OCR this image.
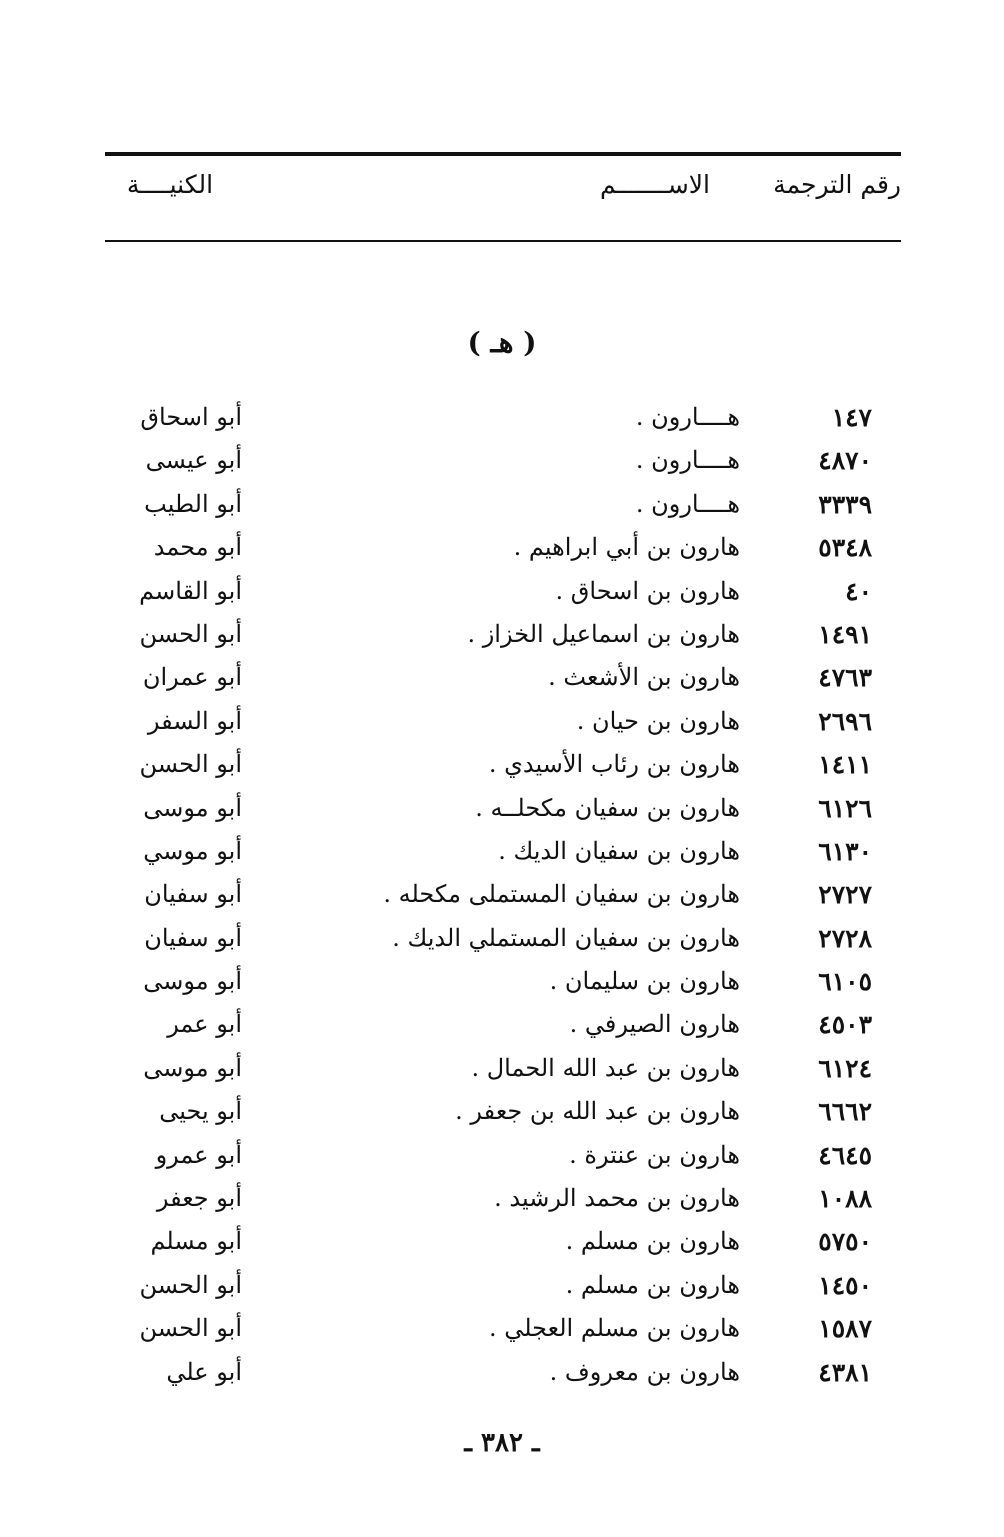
رقم الترجمة
الاســـــــم
الكنيــــة
( هـ )
١٤٧
هــــارون .
أبو اسحاق
٤٨٧٠
هــــارون .
أبو عيسى
٣٣٣٩
هــــارون .
أبو الطيب
٥٣٤٨
هارون بن أبي ابراهيم .
أبو محمد
٤٠
هارون بن اسحاق .
أبو القاسم
١٤٩١
هارون بن اسماعيل الخزاز .
أبو الحسن
٤٧٦٣
هارون بن الأشعث .
أبو عمران
٢٦٩٦
هارون بن حيان .
أبو السفر
١٤١١
هارون بن رئاب الأسيدي .
أبو الحسن
٦١٢٦
هارون بن سفيان مكحلــه .
أبو موسى
٦١٣٠
هارون بن سفيان الديك .
أبو موسي
٢٧٢٧
هارون بن سفيان المستملى مكحله .
أبو سفيان
٢٧٢٨
هارون بن سفيان المستملي الديك .
أبو سفيان
٦١٠٥
هارون بن سليمان .
أبو موسى
٤٥٠٣
هارون الصيرفي .
أبو عمر
٦١٢٤
هارون بن عبد الله الحمال .
أبو موسى
٦٦٦٢
هارون بن عبد الله بن جعفر .
أبو يحيى
٤٦٤٥
هارون بن عنترة .
أبو عمرو
١٠٨٨
هارون بن محمد الرشيد .
أبو جعفر
٥٧٥٠
هارون بن مسلم .
أبو مسلم
١٤٥٠
هارون بن مسلم .
أبو الحسن
١٥٨٧
هارون بن مسلم العجلي .
أبو الحسن
٤٣٨١
هارون بن معروف .
أبو علي
ـ ٣٨٢ ـ
